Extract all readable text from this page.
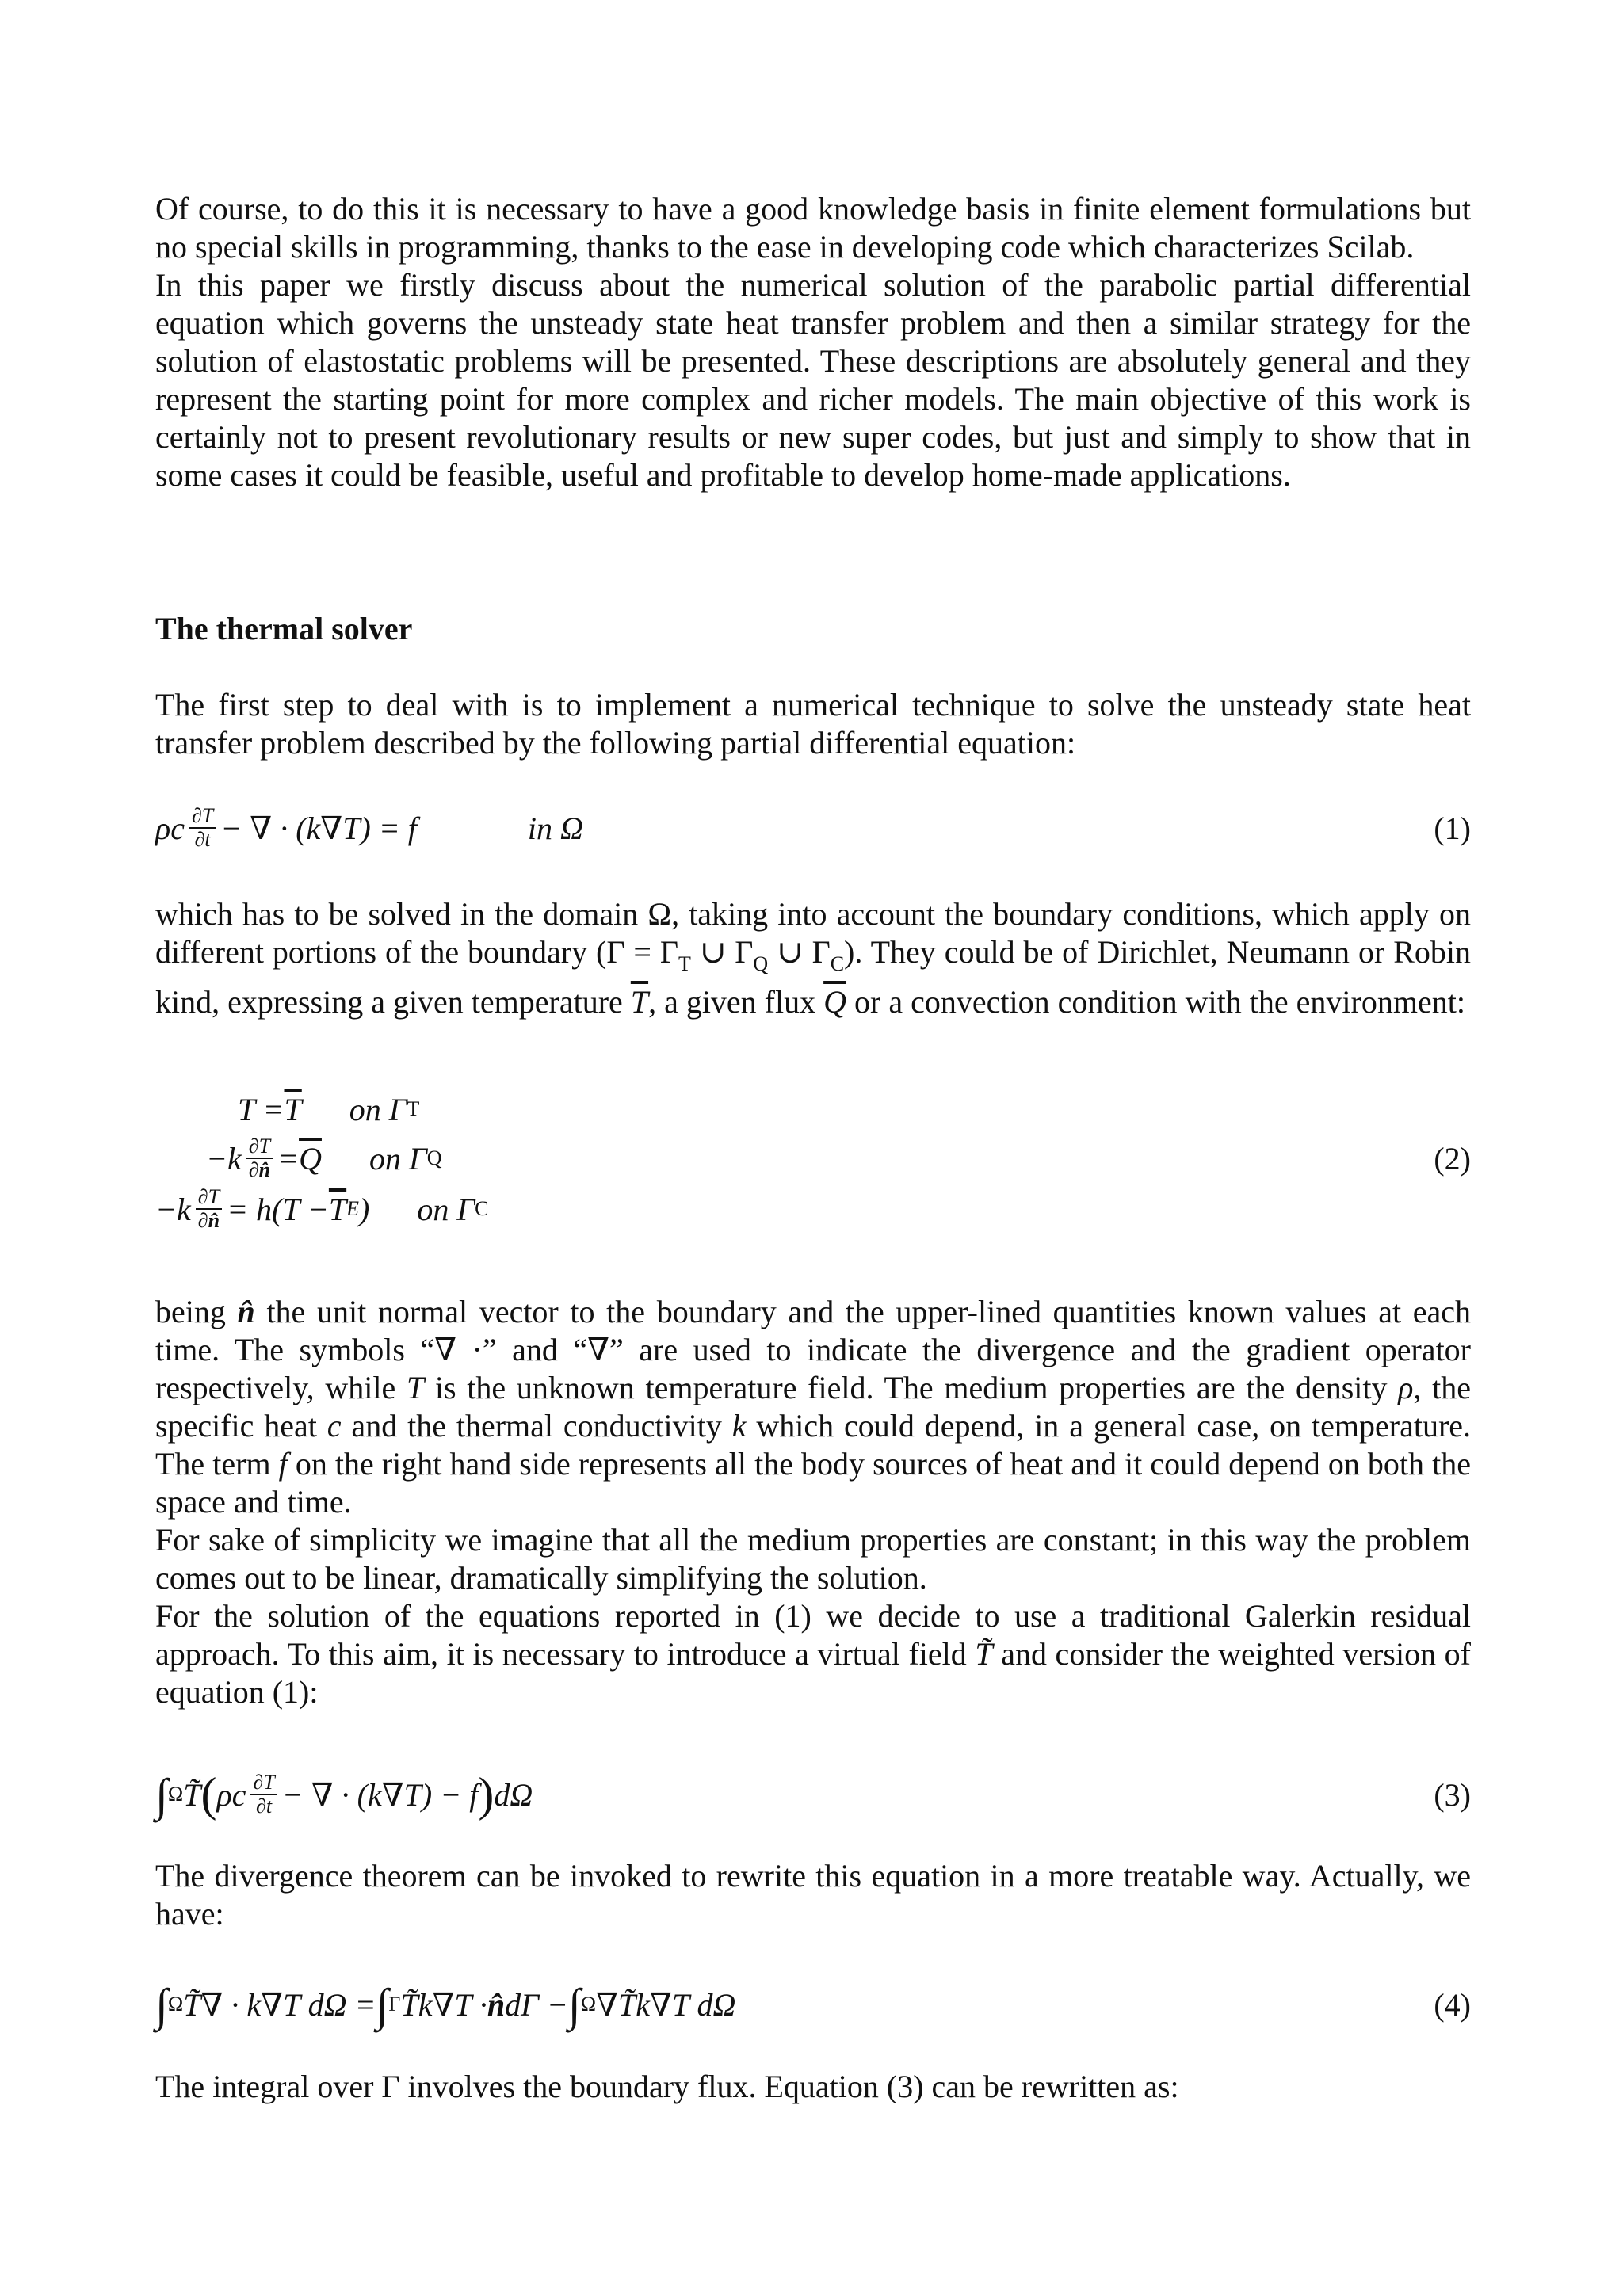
Of course, to do this it is necessary to have a good knowledge basis in finite element formulations but no special skills in programming, thanks to the ease in developing code which characterizes Scilab.

In this paper we firstly discuss about the numerical solution of the parabolic partial differential equation which governs the unsteady state heat transfer problem and then a similar strategy for the solution of elastostatic problems will be presented. These descriptions are absolutely general and they represent the starting point for more complex and richer models. The main objective of this work is certainly not to present revolutionary results or new super codes, but just and simply to show that in some cases it could be feasible, useful and profitable to develop home-made applications.

The thermal solver

The first step to deal with is to implement a numerical technique to solve the unsteady state heat transfer problem described by the following partial differential equation:

ρc $\frac{\partial T}{\partial t}$ − ∇ · (k∇T) = f	in Ω	(1)

which has to be solved in the domain Ω, taking into account the boundary conditions, which apply on different portions of the boundary ($\Gamma = \Gamma_T$ ∪ $\Gamma_Q$ ∪ $\Gamma_C$). They could be of Dirichlet, Neumann or Robin kind, expressing a given temperature $\overline{T}$, a given flux $\overline{Q}$ or a convection condition with the environment:

$T = \overline{T}$ on Γ T
$-k \frac{\partial T}{\partial n̂} = \overline{Q}$ on Γ Q
$-k \frac{\partial T}{\partial n̂} = h(T - \overline{T}$ E ) on Γ C
(2)

being n̂ the unit normal vector to the boundary and the upper-lined quantities known values at each time. The symbols “∇ ·” and “∇” are used to indicate the divergence and the gradient operator respectively, while T is the unknown temperature field. The medium properties are the density ρ, the specific heat c and the thermal conductivity k which could depend, in a general case, on temperature. The term f on the right hand side represents all the body sources of heat and it could depend on both the space and time.

For sake of simplicity we imagine that all the medium properties are constant; in this way the problem comes out to be linear, dramatically simplifying the solution.

For the solution of the equations reported in (1) we decide to use a traditional Galerkin residual approach. To this aim, it is necessary to introduce a virtual field T̃ and consider the weighted version of equation (1):

∫ Ω T̃ ( ρc $\frac{\partial T}{\partial t}$ − ∇ · (k∇T) − f ) dΩ	(3)

The divergence theorem can be invoked to rewrite this equation in a more treatable way. Actually, we have:

∫ Ω T̃∇ · k∇T dΩ = ∫ Γ T̃k∇T · n̂ dΓ − ∫ Ω ∇T̃k∇T dΩ	(4)

The integral over Γ involves the boundary flux. Equation (3) can be rewritten as:
